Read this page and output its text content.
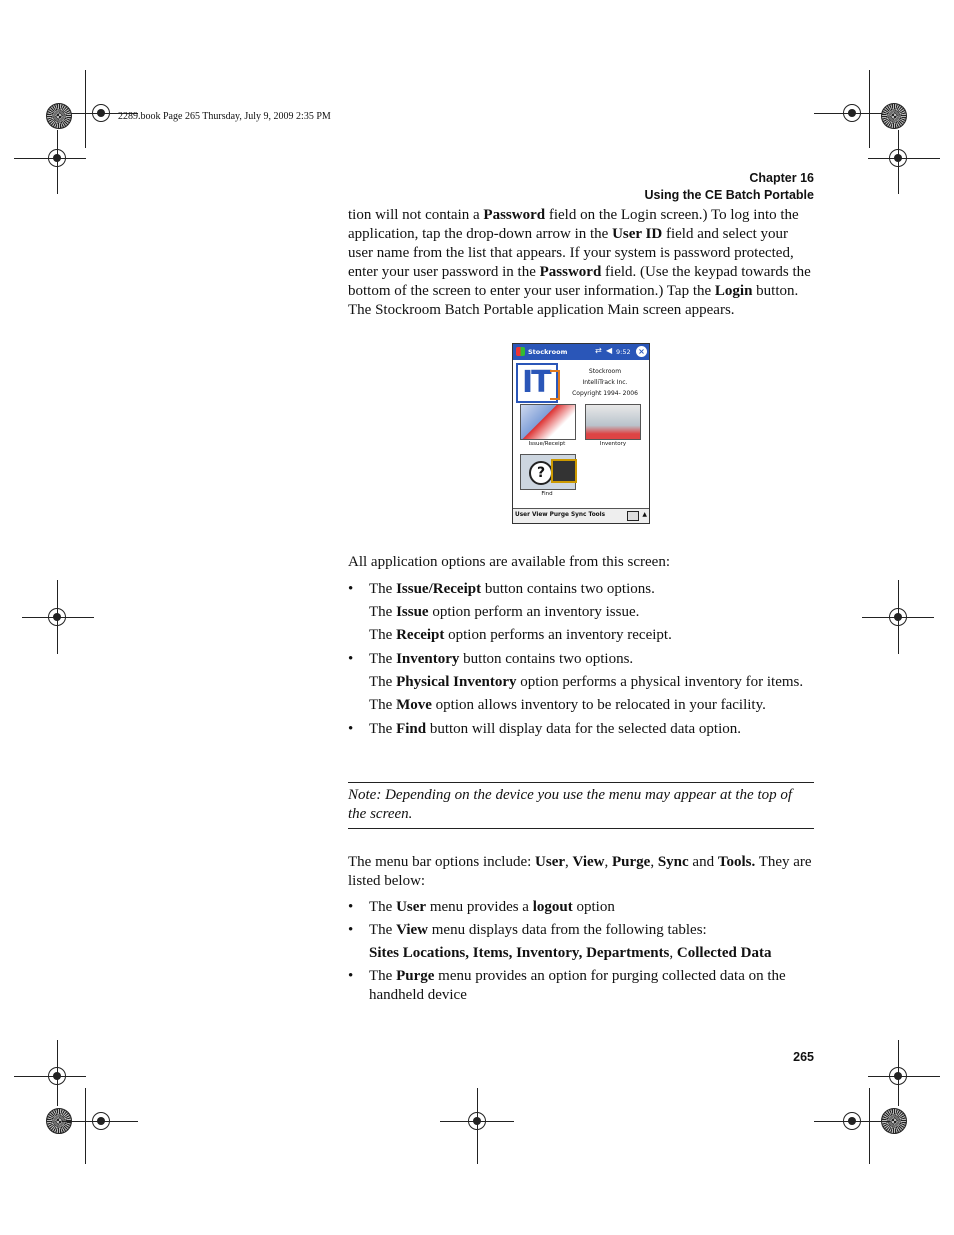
2289.book Page 265 Thursday, July 9, 2009 2:35 PM
Chapter 16
Using the CE Batch Portable

tion will not contain a Password field on the Login screen.) To log into the application, tap the drop-down arrow in the User ID field and select your user name from the list that appears. If your system is password protected, enter your user password in the Password field. (Use the keypad towards the bottom of the screen to enter your user information.) Tap the Login button. The Stockroom Batch Portable application Main screen appears.

Stockroom	⇄ ◀ 9:52 ×
IT	Stockroom
IntelliTrack Inc.
Copyright 1994- 2006
Issue/Receipt	Inventory
?
Find
User View Purge Sync Tools	▲

All application options are available from this screen:

• The Issue/Receipt button contains two options.

The Issue option perform an inventory issue.

The Receipt option performs an inventory receipt.

• The Inventory button contains two options.

The Physical Inventory option performs a physical inventory for items.

The Move option allows inventory to be relocated in your facility.

• The Find button will display data for the selected data option.

Note: Depending on the device you use the menu may appear at the top of the screen.

The menu bar options include: User, View, Purge, Sync and Tools. They are listed below:

• The User menu provides a logout option

• The View menu displays data from the following tables:

Sites Locations, Items, Inventory, Departments, Collected Data

• The Purge menu provides an option for purging collected data on the handheld device

265
